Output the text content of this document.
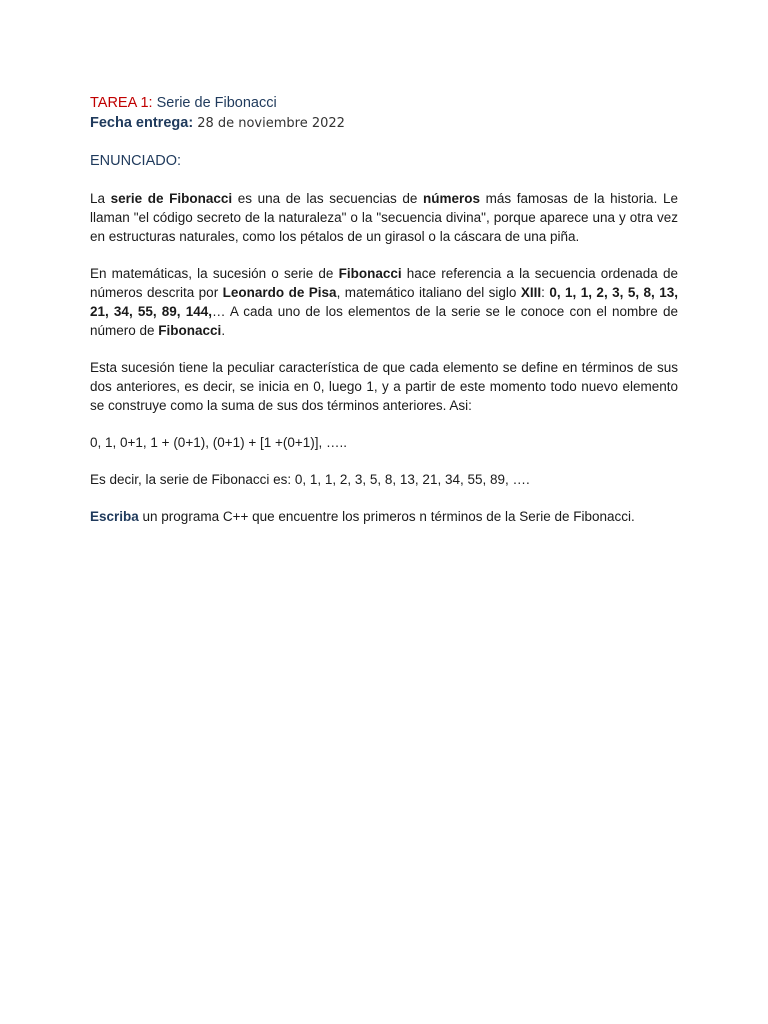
TAREA 1: Serie de Fibonacci
Fecha entrega: 28 de noviembre 2022
ENUNCIADO:

La serie de Fibonacci es una de las secuencias de números más famosas de la historia. Le llaman "el código secreto de la naturaleza" o la "secuencia divina", porque aparece una y otra vez en estructuras naturales, como los pétalos de un girasol o la cáscara de una piña.

En matemáticas, la sucesión o serie de Fibonacci hace referencia a la secuencia ordenada de números descrita por Leonardo de Pisa, matemático italiano del siglo XIII: 0, 1, 1, 2, 3, 5, 8, 13, 21, 34, 55, 89, 144,… A cada uno de los elementos de la serie se le conoce con el nombre de número de Fibonacci.

Esta sucesión tiene la peculiar característica de que cada elemento se define en términos de sus dos anteriores, es decir, se inicia en 0, luego 1, y a partir de este momento todo nuevo elemento se construye como la suma de sus dos términos anteriores. Asi:

0, 1, 0+1, 1 + (0+1), (0+1) + [1 +(0+1)], …..

Es decir, la serie de Fibonacci es: 0, 1, 1, 2, 3, 5, 8, 13, 21, 34, 55, 89, ….

Escriba un programa C++ que encuentre los primeros n términos de la Serie de Fibonacci.
